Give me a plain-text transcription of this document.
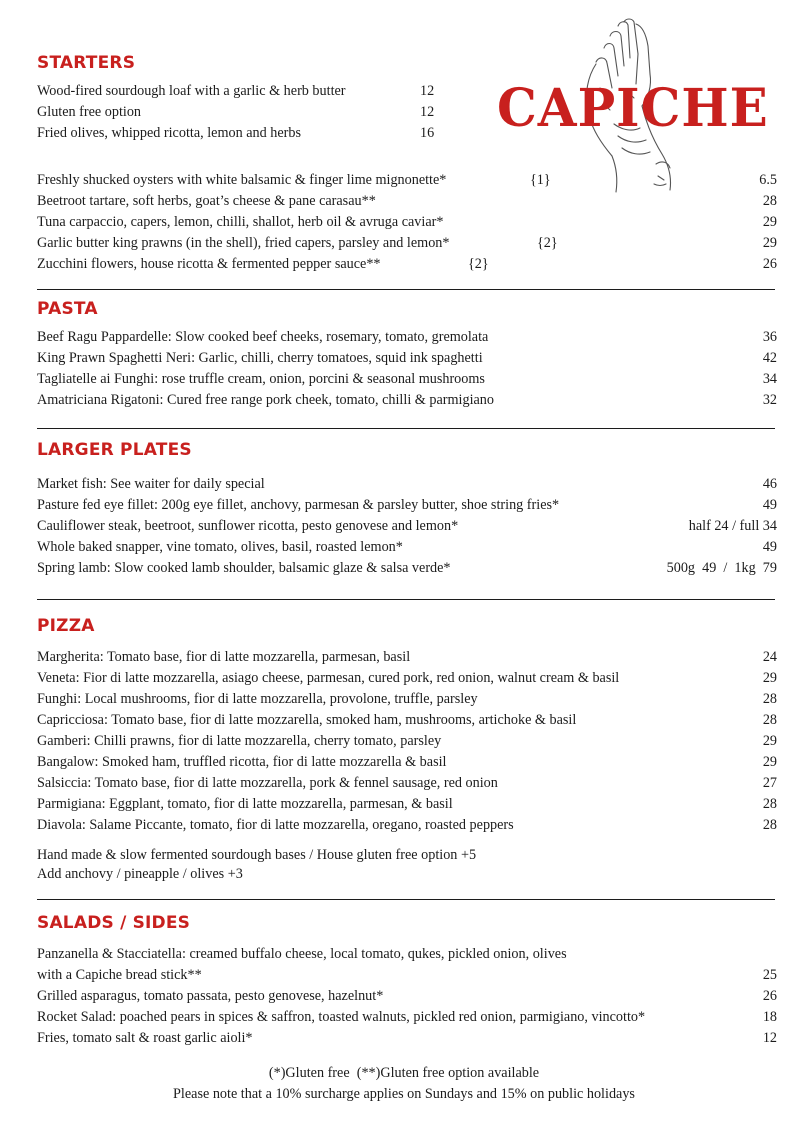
CAPICHE
STARTERS
Wood-fired sourdough loaf with a garlic & herb butter	12
Gluten free option	12
Fried olives, whipped ricotta, lemon and herbs	16
Freshly shucked oysters with white balsamic & finger lime mignonette*	{1}	6.5
Beetroot tartare, soft herbs, goat’s cheese & pane carasau**	28
Tuna carpaccio, capers, lemon, chilli, shallot, herb oil & avruga caviar*	29
Garlic butter king prawns (in the shell), fried capers, parsley and lemon*	{2}	29
Zucchini flowers, house ricotta & fermented pepper sauce**	{2}	26
PASTA
Beef Ragu Pappardelle: Slow cooked beef cheeks, rosemary, tomato, gremolata	36
King Prawn Spaghetti Neri: Garlic, chilli, cherry tomatoes, squid ink spaghetti	42
Tagliatelle ai Funghi: rose truffle cream, onion, porcini & seasonal mushrooms	34
Amatriciana Rigatoni: Cured free range pork cheek, tomato, chilli & parmigiano	32
LARGER PLATES
Market fish: See waiter for daily special	46
Pasture fed eye fillet: 200g eye fillet, anchovy, parmesan & parsley butter, shoe string fries*	49
Cauliflower steak, beetroot, sunflower ricotta, pesto genovese and lemon*	half 24 / full 34
Whole baked snapper, vine tomato, olives, basil, roasted lemon*	49
Spring lamb: Slow cooked lamb shoulder, balsamic glaze & salsa verde*	500g  49  /  1kg  79
PIZZA
Margherita: Tomato base, fior di latte mozzarella, parmesan, basil	24
Veneta: Fior di latte mozzarella, asiago cheese, parmesan, cured pork, red onion, walnut cream & basil	29
Funghi: Local mushrooms, fior di latte mozzarella, provolone, truffle, parsley	28
Capricciosa: Tomato base, fior di latte mozzarella, smoked ham, mushrooms, artichoke & basil	28
Gamberi: Chilli prawns, fior di latte mozzarella, cherry tomato, parsley	29
Bangalow: Smoked ham, truffled ricotta, fior di latte mozzarella & basil	29
Salsiccia: Tomato base, fior di latte mozzarella, pork & fennel sausage, red onion	27
Parmigiana: Eggplant, tomato, fior di latte mozzarella, parmesan, & basil	28
Diavola: Salame Piccante, tomato, fior di latte mozzarella, oregano, roasted peppers	28
Hand made & slow fermented sourdough bases / House gluten free option +5
Add anchovy / pineapple / olives +3
SALADS / SIDES
Panzanella & Stacciatella: creamed buffalo cheese, local tomato, qukes, pickled onion, olives
with a Capiche bread stick**	25
Grilled asparagus, tomato passata, pesto genovese, hazelnut*	26
Rocket Salad: poached pears in spices & saffron, toasted walnuts, pickled red onion, parmigiano, vincotto*	18
Fries, tomato salt & roast garlic aioli*	12
(*)Gluten free  (**)Gluten free option available
Please note that a 10% surcharge applies on Sundays and 15% on public holidays
